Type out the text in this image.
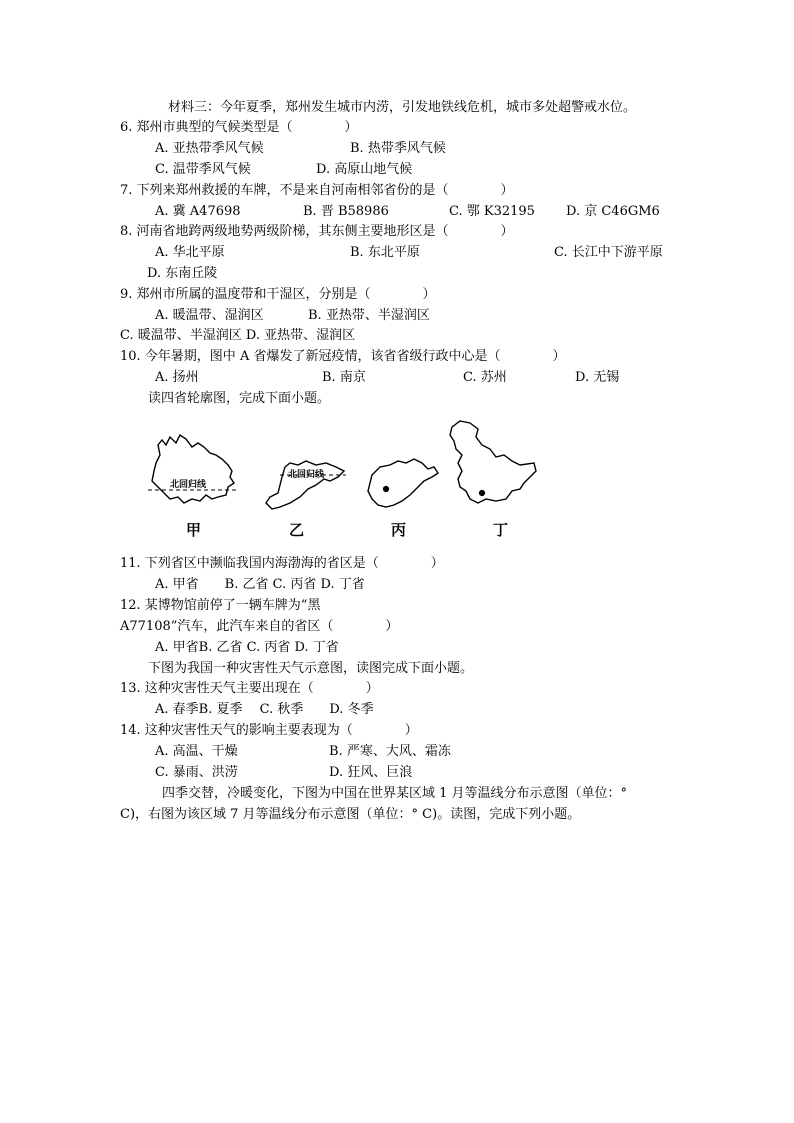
材料三：今年夏季，郑州发生城市内涝，引发地铁线危机，城市多处超警戒水位。
6. 郑州市典型的气候类型是（　　　　）
A. 亚热带季风气候	B. 热带季风气候
C. 温带季风气候	D. 高原山地气候
7. 下列来郑州救援的车牌，不是来自河南相邻省份的是（　　　　）
A. 冀 A47698	B. 晋 B58986	C. 鄂 K32195 D. 京 C46GM6
8. 河南省地跨两级地势两级阶梯，其东侧主要地形区是（　　　　）
A. 华北平原	B. 东北平原	C. 长江中下游平原
D. 东南丘陵
9. 郑州市所属的温度带和干湿区，分别是（　　　　）
A. 暖温带、湿润区	B. 亚热带、半湿润区
C. 暖温带、半湿润区 D. 亚热带、湿润区
10. 今年暑期，图中 A 省爆发了新冠疫情，该省省级行政中心是（　　　　）
A. 扬州	B. 南京	C. 苏州	D. 无锡
读四省轮廓图，完成下面小题。
北回归线
北回归线
甲	乙	丙	丁
11. 下列省区中濒临我国内海渤海的省区是（　　　　）
A. 甲省　　B. 乙省 C. 丙省 D. 丁省
12. 某博物馆前停了一辆车牌为“黑
A77108”汽车，此汽车来自的省区（　　　　）
A. 甲省B. 乙省 C. 丙省 D. 丁省
下图为我国一种灾害性天气示意图，读图完成下面小题。
13. 这种灾害性天气主要出现在（　　　　）
A. 春季B. 夏季　 C. 秋季　　D. 冬季
14. 这种灾害性天气的影响主要表现为（　　　　）
A. 高温、干燥	B. 严寒、大风、霜冻
C. 暴雨、洪涝	D. 狂风、巨浪
四季交替，冷暖变化，下图为中国在世界某区域 1 月等温线分布示意图（单位：°
C)，右图为该区域 7 月等温线分布示意图（单位：° C)。读图，完成下列小题。
